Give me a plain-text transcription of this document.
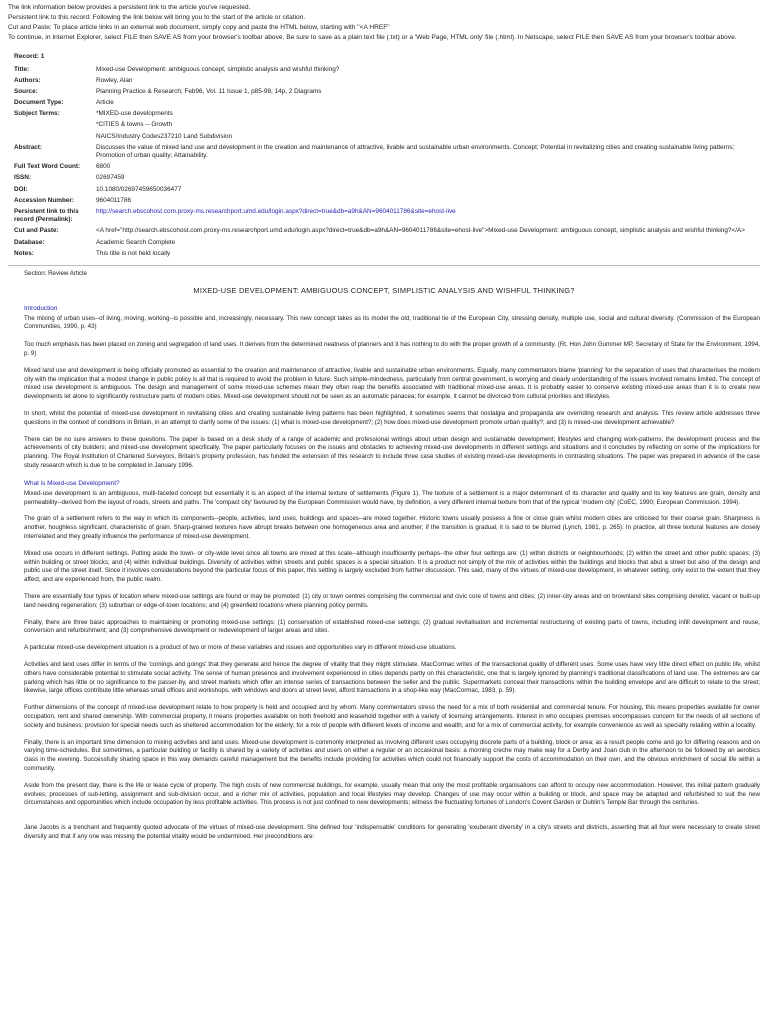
The link information below provides a persistent link to the article you've requested.

Persistent link to this record: Following the link below will bring you to the start of the article or citation.

Cut and Paste: To place article links in an external web document, simply copy and paste the HTML below, starting with "<A HREF"

To continue, in Internet Explorer, select FILE then SAVE AS from your browser's toolbar above. Be sure to save as a plain text file (.txt) or a 'Web Page, HTML only' file (.html). In Netscape, select FILE then SAVE AS from your browser's toolbar above.

Record: 1
Title:	Mixed-use Development: ambiguous concept, simplistic analysis and wishful thinking?
Authors:	Rowley, Alan
Source:	Planning Practice & Research; Feb96, Vol. 11 Issue 1, p85-98, 14p, 2 Diagrams
Document Type:	Article
Subject Terms:	*MIXED-use developments
	*CITIES & towns -- Growth
	NAICS/Industry Codes237210 Land Subdivision
Abstract:	Discusses the value of mixed land use and development in the creation and maintenance of attractive, livable and sustainable urban environments. Concept; Potential in revitalizing cities and creating sustainable living patterns; Promotion of urban quality; Attainability.
Full Text Word Count:	6800
ISSN:	02697459
DOI:	10.1080/02697459650036477
Accession Number:	9604011786
Persistent link to this record (Permalink):	http://search.ebscohost.com.proxy-ms.researchport.umd.edu/login.aspx?direct=true&db=a9h&AN=9604011786&site=ehost-live
Cut and Paste:	<A href="http://search.ebscohost.com.proxy-ms.researchport.umd.edu/login.aspx?direct=true&db=a9h&AN=9604011786&site=ehost-live">Mixed-use Development: ambiguous concept, simplistic analysis and wishful thinking?</A>
Database:	Academic Search Complete
Notes:	This title is not held locally
Section: Review Article
MIXED-USE DEVELOPMENT: AMBIGUOUS CONCEPT, SIMPLISTIC ANALYSIS AND WISHFUL THINKING?
Introduction
The mixing of urban uses--of living, moving, working--is possible and, increasingly, necessary. This new concept takes as its model the old, traditional tie of the European City, stressing density, multiple use, social and cultural diversity. (Commission of the European Communities, 1990, p. 43)
Too much emphasis has been placed on zoning and segregation of land uses. It derives from the determined neatness of planners and it has nothing to do with the proper growth of a community. (Rt. Hon John Gummer MP, Secretary of State for the Environment, 1994, p. 9)
Mixed land use and development is being officially promoted as essential to the creation and maintenance of attractive, livable and sustainable urban environments. Equally, many commentators blame 'planning' for the separation of uses that characterises the modern city with the implication that a modest change in public policy is all that is required to avoid the problem in future. Such simple-mindedness, particularly from central government, is worrying and clearly understanding of the issues involved remains limited. The concept of mixed use development is ambiguous. The design and management of some mixed-use schemes mean they often reap the benefits associated with traditional mixed-use areas. It is probably easier to conserve existing mixed-use areas than it is to create new developments let alone to significantly restructure parts of modern cities. Mixed-use development should not be seen as an automatic panacea; for example, it cannot be divorced from cultural priorities and lifestyles.
In short, whilst the potential of mixed-use development in revitalising cities and creating sustainable living patterns has been highlighted, it sometimes seems that nostalgia and propaganda are overriding research and analysis. This review article addresses three questions in the context of conditions in Britain, in an attempt to clarify some of the issues: (1) what is mixed-use development?; (2) how does mixed-use development promote urban quality?; and (3) is mixed-use development achievable?
There can be no sure answers to these questions. The paper is based on a desk study of a range of academic and professional writings about urban design and sustainable development; lifestyles and changing work-patterns; the development process and the achievements of city builders; and mixed-use development specifically. The paper particularly focuses on the issues and obstacles to achieving mixed-use developments in different settings and situations and it concludes by reflecting on some of the implications for planning. The Royal Institution of Chartered Surveyors, Britain's property profession, has funded the extension of this research to include three case studies of existing mixed-use developments in contrasting situations. The paper was prepared in advance of the case study research which is due to be completed in January 1996.
What is Mixed-use Development?
Mixed-use development is an ambiguous, multi-faceted concept but essentially it is an aspect of the internal texture of settlements (Figure 1). The texture of a settlement is a major determinant of its character and quality and its key features are grain, density and permeability--derived from the layout of roads, streets and paths. The 'compact city' favoured by the European Commission would have, by definition, a very different internal texture from that of the typical 'modern city' (CoEC, 1990; European Commission, 1994).
The grain of a settlement refers to the way in which its components--people, activities, land uses, buildings and spaces--are mixed together. Historic towns usually possess a fine or close grain whilst modern cities are criticised for their coarse grain. Sharpness is another, houghless significant, characteristic of grain. Sharp-grained textures have abrupt breaks between one homogeneous area and another; if the transition is gradual, it is said to be blurred (Lynch, 1981, p. 265). In practice, all three textural features are closely interrelated and they greatly influence the performance of mixed-use development.
Mixed use occurs in different settings. Putting aside the town- or city-wide level since all towns are mixed at this scale--although insufficiently perhaps--the other four settings are: (1) within districts or neighbourhoods; (2) within the street and other public spaces; (3) within building or street blocks; and (4) within individual buildings. Diversity of activities within streets and public spaces is a special situation. It is a product not simply of the mix of activities within the buildings and blocks that abut a street but also of the design and public use of the street itself. Since it involves considerations beyond the particular focus of this paper, this setting is largely excluded from further discussion. This said, many of the virtues of mixed-use development, in whatever setting, only exist to the extent that they affect, and are experienced from, the public realm.
There are essentially four types of location where mixed-use settings are found or may be promoted: (1) city or town centres comprising the commercial and civic core of towns and cities; (2) inner-city areas and on brownland sites comprising derelict, vacant or built-up land needing regeneration; (3) suburban or edge-of-town locations; and (4) greenfield locations where planning policy permits.
Finally, there are three basic approaches to maintaining or promoting mixed-use settings: (1) conservation of established mixed-use settings; (2) gradual revitalisation and incremental restructuring of existing parts of towns, including infill development and reuse, conversion and refurbishment; and (3) comprehensive development or redevelopment of larger areas and sites.
A particular mixed-use development situation is a product of two or more of these variables and issues and opportunities vary in different mixed-use situations.
Activities and land uses differ in terms of the 'comings and goings' that they generate and hence the degree of vitality that they might stimulate. MacCormac writes of the transactional quality of different uses. Some uses have very little direct effect on public life, whilst others have considerable potential to stimulate social activity. The sense of human presence and involvement experienced in cities depends partly on this characteristic, one that is largely ignored by planning's traditional classifications of land use. The extremes are car parking which has little or no significance to the passer-by, and street markets which offer an intense series of transactions between the seller and the public. Supermarkets conceal their transactions within the building envelope and are difficult to relate to the street; likewise, large offices contribute little whereas small offices and workshops, with windows and doors at street level, afford transactions in a shop-like way (MacCormac, 1983, p. 59).
Further dimensions of the concept of mixed-use development relate to how property is held and occupied and by whom. Many commentators stress the need for a mix of both residential and commercial tenure. For housing, this means properties available for owner occupation, rent and shared ownership. With commercial property, it means properties available on both freehold and leasehold together with a variety of licensing arrangements. Interest in who occupies premises encompasses concern for the needs of all sections of society and business: provision for special needs such as sheltered accommodation for the elderly; for a mix of people with different levels of income and wealth; and for a mix of commercial activity, for example convenience as well as specialty retailing within a locality.
Finally, there is an important time dimension to mixing activities and land uses. Mixed-use development is commonly interpreted as involving different uses occupying discrete parts of a building, block or area; as a result people come and go for differing reasons and on varying time-schedules. But sometimes, a particular building or facility is shared by a variety of activities and users on either a regular or an occasional basis: a morning creche may make way for a Derby and Joan club in the afternoon to be followed by an aerobics class in the evening. Successfully sharing space in this way demands careful management but the benefits include providing for activities which could not financially support the costs of accommodation on their own, and the obvious enrichment of social life within a community.
Aside from the present day, there is the life or lease cycle of property. The high costs of new commercial buildings, for example, usually mean that only the most profitable organisations can afford to occupy new accommodation. However, this initial pattern gradually evolves; processes of sub-letting, assignment and sub-division occur, and a richer mix of activities, population and local lifestyles may develop. Changes of use may occur within a building or block, and space may be adapted and refurbished to suit the new circumstances and opportunities which include occupation by less profitable activities. This process is not just confined to new developments; witness the fluctuating fortunes of London's Covent Garden or Dublin's Temple Bar through the centuries.
Jane Jacobs is a trenchant and frequently quoted advocate of the virtues of mixed-use development. She defined four 'indispensable' conditions for generating 'exuberant diversity' in a city's streets and districts, asserting that all four were necessary to create street diversity and that if any one was missing the potential vitality would be undermined. Her preconditions are:
